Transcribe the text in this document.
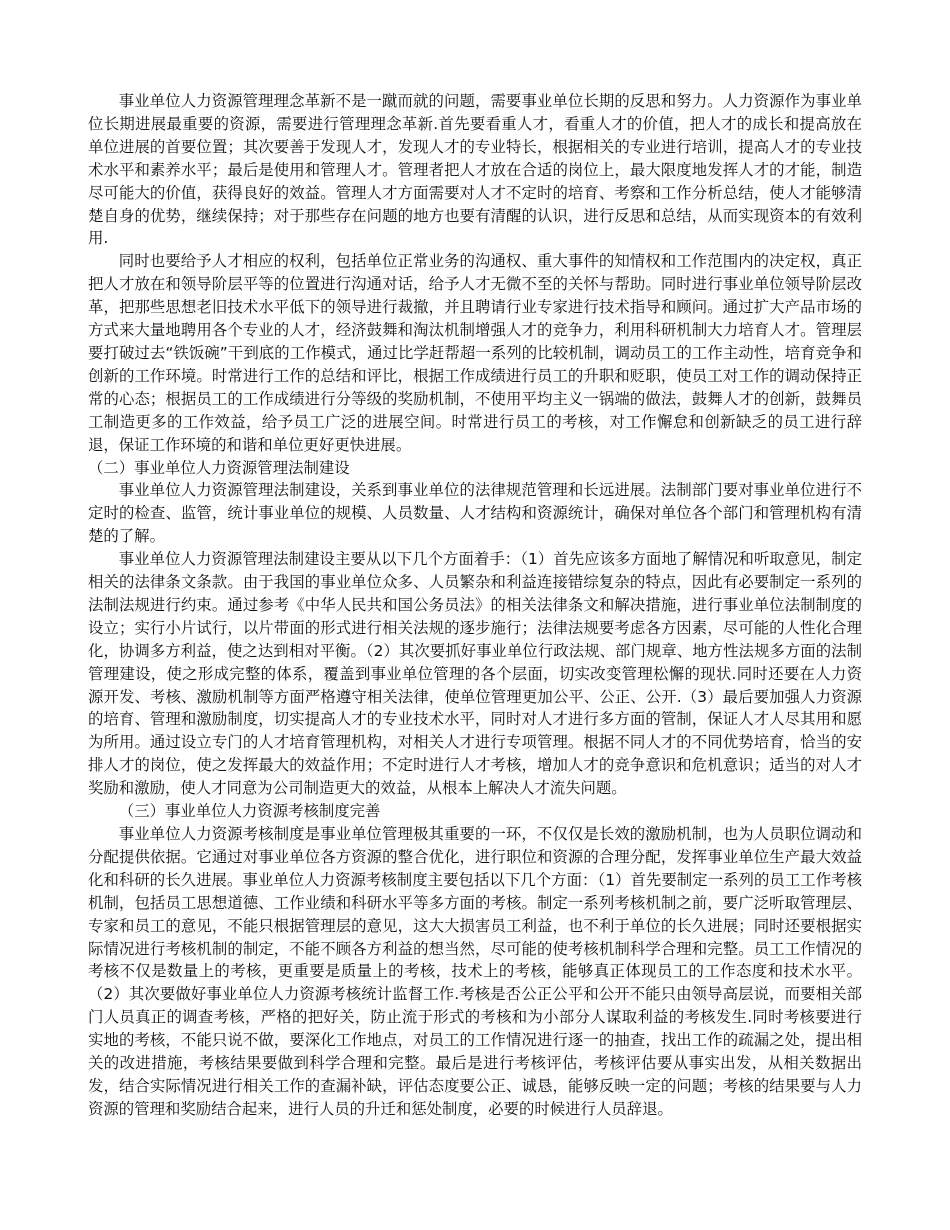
事业单位人力资源管理理念革新不是一蹴而就的问题，需要事业单位长期的反思和努力。人力资源作为事业单位长期进展最重要的资源，需要进行管理理念革新.首先要看重人才，看重人才的价值，把人才的成长和提高放在单位进展的首要位置；其次要善于发现人才，发现人才的专业特长，根据相关的专业进行培训，提高人才的专业技术水平和素养水平；最后是使用和管理人才。管理者把人才放在合适的岗位上，最大限度地发挥人才的才能，制造尽可能大的价值，获得良好的效益。管理人才方面需要对人才不定时的培育、考察和工作分析总结，使人才能够清楚自身的优势，继续保持；对于那些存在问题的地方也要有清醒的认识，进行反思和总结，从而实现资本的有效利用.

同时也要给予人才相应的权利，包括单位正常业务的沟通权、重大事件的知情权和工作范围内的决定权，真正把人才放在和领导阶层平等的位置进行沟通对话，给予人才无微不至的关怀与帮助。同时进行事业单位领导阶层改革，把那些思想老旧技术水平低下的领导进行裁撤，并且聘请行业专家进行技术指导和顾问。通过扩大产品市场的方式来大量地聘用各个专业的人才，经济鼓舞和淘汰机制增强人才的竞争力，利用科研机制大力培育人才。管理层要打破过去“铁饭碗”干到底的工作模式，通过比学赶帮超一系列的比较机制，调动员工的工作主动性，培育竞争和创新的工作环境。时常进行工作的总结和评比，根据工作成绩进行员工的升职和贬职，使员工对工作的调动保持正常的心态；根据员工的工作成绩进行分等级的奖励机制，不使用平均主义一锅端的做法，鼓舞人才的创新，鼓舞员工制造更多的工作效益，给予员工广泛的进展空间。时常进行员工的考核，对工作懈怠和创新缺乏的员工进行辞退，保证工作环境的和谐和单位更好更快进展。

（二）事业单位人力资源管理法制建设

事业单位人力资源管理法制建设，关系到事业单位的法律规范管理和长远进展。法制部门要对事业单位进行不定时的检查、监管，统计事业单位的规模、人员数量、人才结构和资源统计，确保对单位各个部门和管理机构有清楚的了解。

事业单位人力资源管理法制建设主要从以下几个方面着手：（1）首先应该多方面地了解情况和听取意见，制定相关的法律条文条款。由于我国的事业单位众多、人员繁杂和利益连接错综复杂的特点，因此有必要制定一系列的法制法规进行约束。通过参考《中华人民共和国公务员法》的相关法律条文和解决措施，进行事业单位法制制度的设立；实行小片试行，以片带面的形式进行相关法规的逐步施行；法律法规要考虑各方因素，尽可能的人性化合理化，协调多方利益，使之达到相对平衡。（2）其次要抓好事业单位行政法规、部门规章、地方性法规多方面的法制管理建设，使之形成完整的体系，覆盖到事业单位管理的各个层面，切实改变管理松懈的现状.同时还要在人力资源开发、考核、激励机制等方面严格遵守相关法律，使单位管理更加公平、公正、公开.（3）最后要加强人力资源的培育、管理和激励制度，切实提高人才的专业技术水平，同时对人才进行多方面的管制，保证人才人尽其用和愿为所用。通过设立专门的人才培育管理机构，对相关人才进行专项管理。根据不同人才的不同优势培育，恰当的安排人才的岗位，使之发挥最大的效益作用；不定时进行人才考核，增加人才的竞争意识和危机意识；适当的对人才奖励和激励，使人才同意为公司制造更大的效益，从根本上解决人才流失问题。

（三）事业单位人力资源考核制度完善

事业单位人力资源考核制度是事业单位管理极其重要的一环，不仅仅是长效的激励机制，也为人员职位调动和分配提供依据。它通过对事业单位各方资源的整合优化，进行职位和资源的合理分配，发挥事业单位生产最大效益化和科研的长久进展。事业单位人力资源考核制度主要包括以下几个方面：（1）首先要制定一系列的员工工作考核机制，包括员工思想道德、工作业绩和科研水平等多方面的考核。制定一系列考核机制之前，要广泛听取管理层、专家和员工的意见，不能只根据管理层的意见，这大大损害员工利益，也不利于单位的长久进展；同时还要根据实际情况进行考核机制的制定，不能不顾各方利益的想当然，尽可能的使考核机制科学合理和完整。员工工作情况的考核不仅是数量上的考核，更重要是质量上的考核，技术上的考核，能够真正体现员工的工作态度和技术水平。（2）其次要做好事业单位人力资源考核统计监督工作.考核是否公正公平和公开不能只由领导高层说，而要相关部门人员真正的调查考核，严格的把好关，防止流于形式的考核和为小部分人谋取利益的考核发生.同时考核要进行实地的考核，不能只说不做，要深化工作地点，对员工的工作情况进行逐一的抽查，找出工作的疏漏之处，提出相关的改进措施，考核结果要做到科学合理和完整。最后是进行考核评估，考核评估要从事实出发，从相关数据出发，结合实际情况进行相关工作的查漏补缺，评估态度要公正、诚恳，能够反映一定的问题；考核的结果要与人力资源的管理和奖励结合起来，进行人员的升迁和惩处制度，必要的时候进行人员辞退。
